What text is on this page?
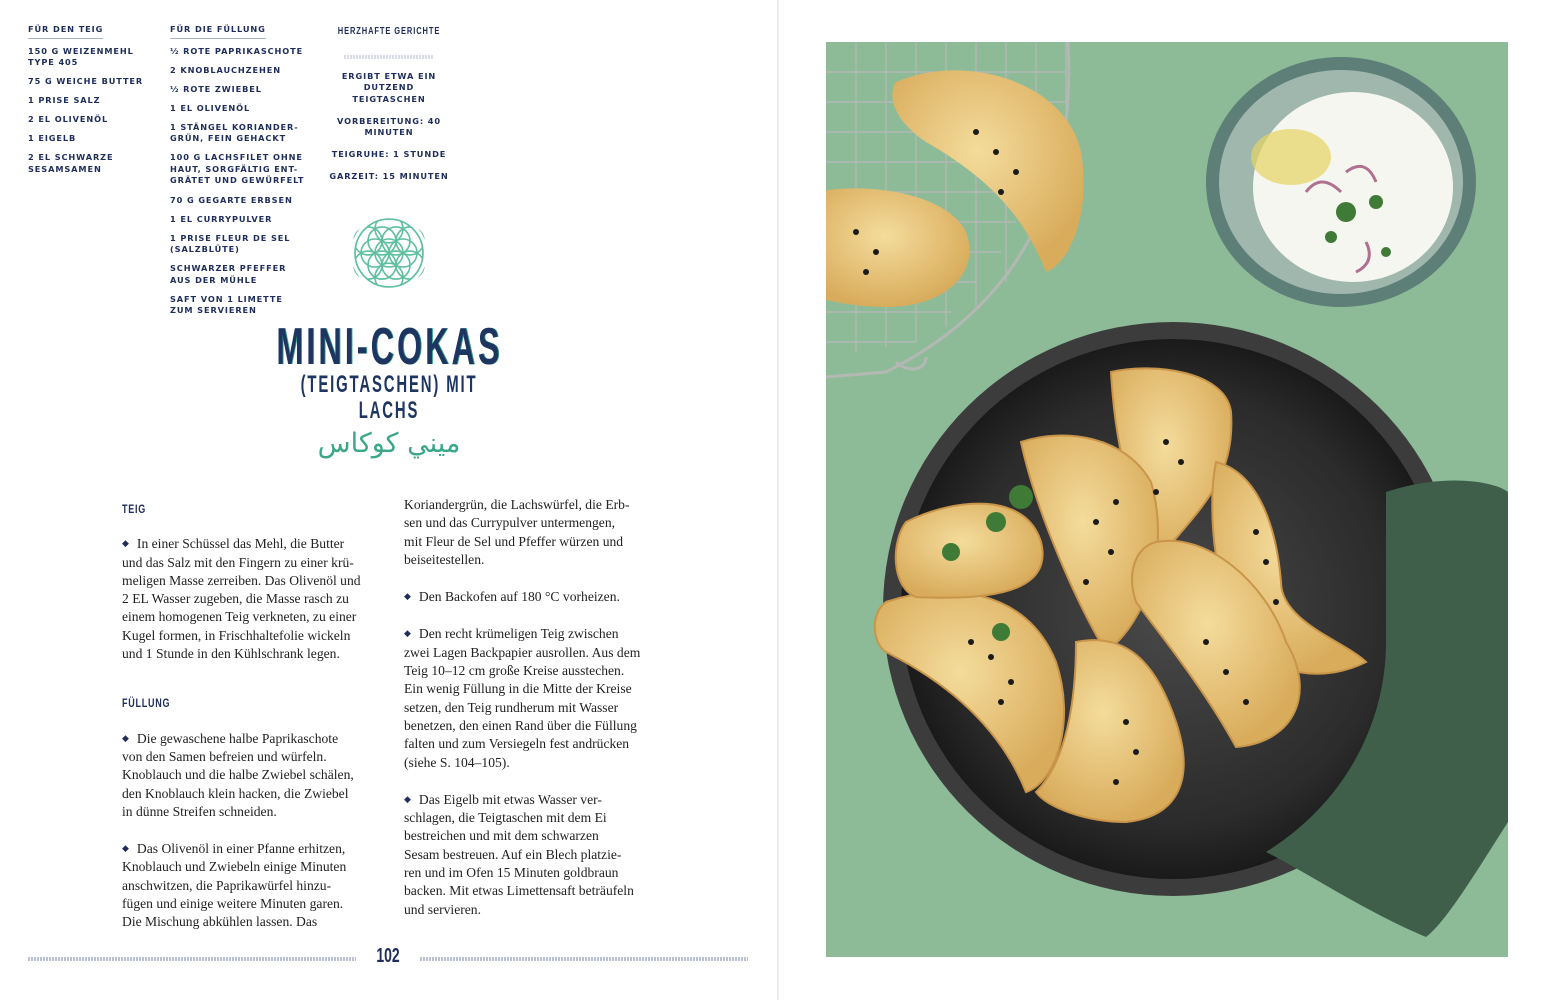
FÜR DEN TEIG
150 G WEIZENMEHL
TYPE 405
75 G WEICHE BUTTER
1 PRISE SALZ
2 EL OLIVENÖL
1 EIGELB
2 EL SCHWARZE
SESAMSAMEN
FÜR DIE FÜLLUNG
½ ROTE PAPRIKASCHOTE
2 KNOBLAUCHZEHEN
½ ROTE ZWIEBEL
1 EL OLIVENÖL
1 STÄNGEL KORIANDER-
GRÜN, FEIN GEHACKT
100 G LACHSFILET OHNE
HAUT, SORGFÄLTIG ENT-
GRÄTET UND GEWÜRFELT
70 G GEGARTE ERBSEN
1 EL CURRYPULVER
1 PRISE FLEUR DE SEL
(SALZBLÜTE)
SCHWARZER PFEFFER
AUS DER MÜHLE
SAFT VON 1 LIMETTE
ZUM SERVIEREN
HERZHAFTE GERICHTE
ERGIBT ETWA EIN DUTZEND
TEIGTASCHEN
VORBEREITUNG: 40 MINUTEN
TEIGRUHE: 1 STUNDE
GARZEIT: 15 MINUTEN
MINI-COKAS
(TEIGTASCHEN) MIT LACHS
ميني كوكاس
TEIG

◆ In einer Schüssel das Mehl, die Butter
und das Salz mit den Fingern zu einer krü-
meligen Masse zerreiben. Das Olivenöl und
2 EL Wasser zugeben, die Masse rasch zu
einem homogenen Teig verkneten, zu einer
Kugel formen, in Frischhaltefolie wickeln
und 1 Stunde in den Kühlschrank legen.

FÜLLUNG

◆ Die gewaschene halbe Paprikaschote
von den Samen befreien und würfeln.
Knoblauch und die halbe Zwiebel schälen,
den Knoblauch klein hacken, die Zwiebel
in dünne Streifen schneiden.

◆ Das Olivenöl in einer Pfanne erhitzen,
Knoblauch und Zwiebeln einige Minuten
anschwitzen, die Paprikawürfel hinzu-
fügen und einige weitere Minuten garen.
Die Mischung abkühlen lassen. Das

Koriandergrün, die Lachswürfel, die Erb-
sen und das Currypulver untermengen,
mit Fleur de Sel und Pfeffer würzen und
beiseitestellen.

◆ Den Backofen auf 180 °C vorheizen.

◆ Den recht krümeligen Teig zwischen
zwei Lagen Backpapier ausrollen. Aus dem
Teig 10–12 cm große Kreise ausstechen.
Ein wenig Füllung in die Mitte der Kreise
setzen, den Teig rundherum mit Wasser
benetzen, den einen Rand über die Füllung
falten und zum Versiegeln fest andrücken
(siehe S. 104–105).

◆ Das Eigelb mit etwas Wasser ver-
schlagen, die Teigtaschen mit dem Ei
bestreichen und mit dem schwarzen
Sesam bestreuen. Auf ein Blech platzie-
ren und im Ofen 15 Minuten goldbraun
backen. Mit etwas Limettensaft beträufeln
und servieren.

102
